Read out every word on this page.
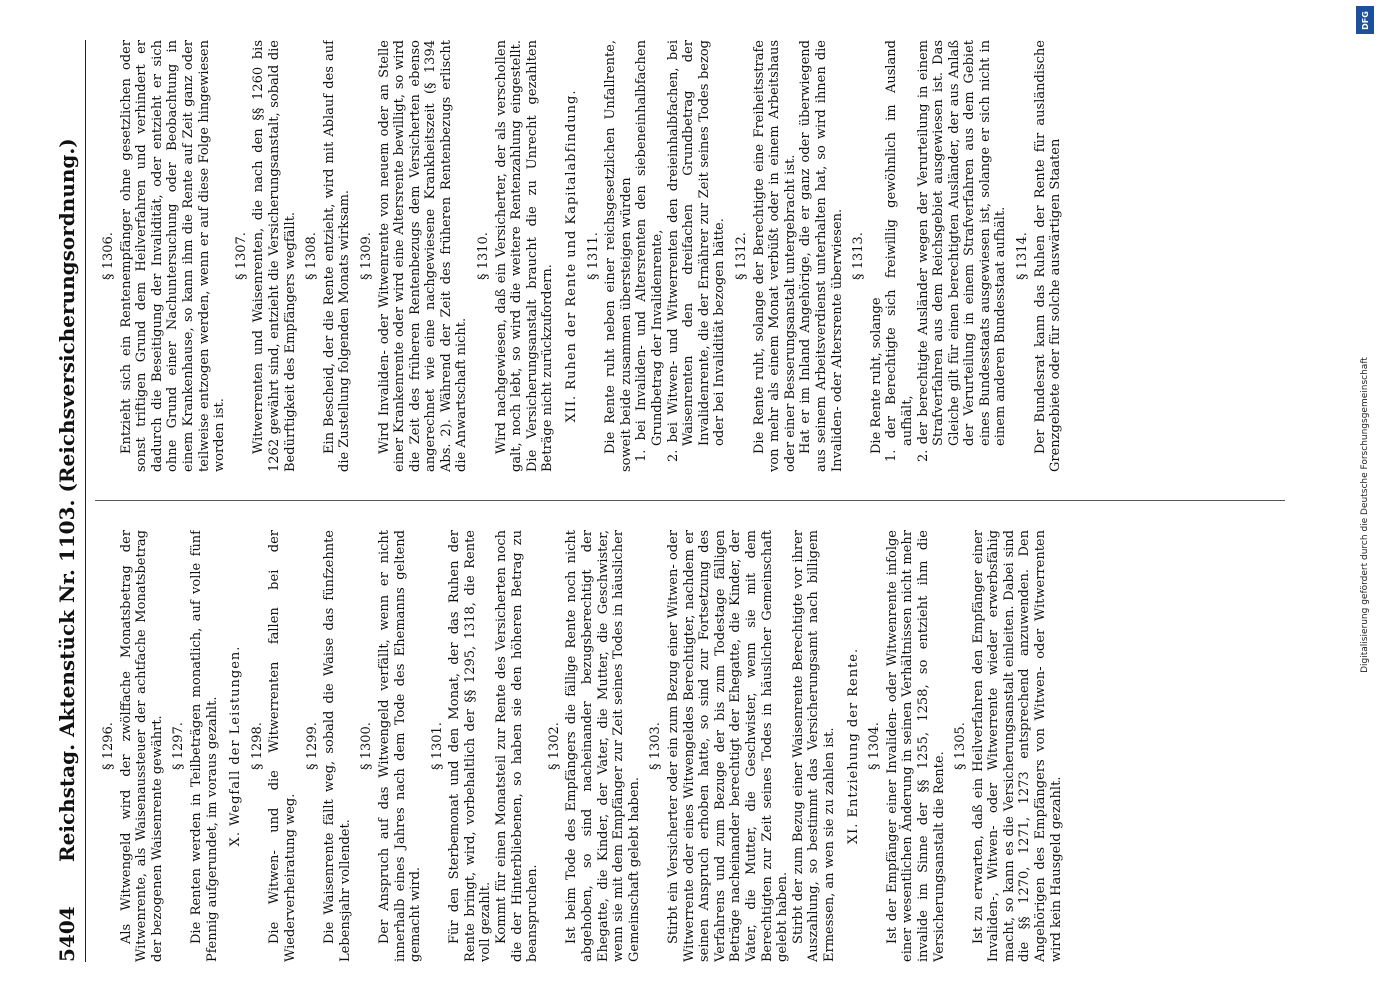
5404
Reichstag. Aktenstück Nr. 1103. (Reichsversicherungsordnung.) § 1296. Als Witwengeld wird der zwölffache Monatsbetrag der Witwenrente, als Waisenaussteuer der achtfache Monatsbetrag der bezogenen Waisenrente gewährt. § 1297. Die Renten werden in Teilbeträgen monatlich, auf volle fünf Pfennig aufgerundet, im voraus gezahlt. X. Wegfall der Leistungen. § 1298. Die Witwen- und die Witwerrenten fallen bei der Wiederverheiratung weg.

§ 1299. Die Waisenrente fällt weg, sobald die Waise das fünfzehnte Lebensjahr vollendet.

§ 1300. Der Anspruch auf das Witwengeld verfällt, wenn er nicht innerhalb eines Jahres nach dem Tode des Ehemanns geltend gemacht wird.

§ 1301. Für den Sterbemonat und den Monat, der das Ruhen der Rente bringt, wird, vorbehaltlich der §§ 1295, 1318, die Rente voll gezahlt. Kommt für einen Monatsteil zur Rente des Versicherten noch die der Hinterbliebenen, so haben sie den höheren Betrag zu beanspruchen.

§ 1302. Ist beim Tode des Empfängers die fällige Rente noch nicht abgehoben, so sind nacheinander bezugsberechtigt der Ehegatte, die Kinder, der Vater, die Mutter, die Geschwister, wenn sie mit dem Empfänger zur Zeit seines Todes in häuslicher Gemeinschaft gelebt haben.

§ 1303. Stirbt ein Versicherter oder ein zum Bezug einer Witwen- oder Witwerrente oder eines Witwengeldes Berechtigter, nachdem er seinen Anspruch erhoben hatte, so sind zur Fortsetzung des Verfahrens und zum Bezuge der bis zum Todestage fälligen Beträge nacheinander berechtigt der Ehegatte, die Kinder, der Vater, die Mutter, die Geschwister, wenn sie mit dem Berechtigten zur Zeit seines Todes in häuslicher Gemeinschaft gelebt haben. Stirbt der zum Bezug einer Waisenrente Berechtigte vor ihrer Auszahlung, so bestimmt das Versicherungsamt nach billigem Ermessen, an wen sie zu zahlen ist. XI. Entziehung der Rente. § 1304. Ist der Empfänger einer Invaliden- oder Witwenrente infolge einer wesentlichen Änderung in seinen Verhältnissen nicht mehr invalide im Sinne der §§ 1255, 1258, so entzieht ihm die Versicherungsanstalt die Rente.

§ 1305. Ist zu erwarten, daß ein Heilverfahren den Empfänger einer Invaliden-, Witwen- oder Witwerrente wieder erwerbsfähig macht, so kann es die Versicherungsanstalt einleiten. Dabei sind die §§ 1270, 1271, 1273 entsprechend anzuwenden. Den Angehörigen des Empfängers von Witwen- oder Witwerrenten wird kein Hausgeld gezahlt.

§ 1306. Entzieht sich ein Rentenempfänger ohne gesetzlichen oder sonst triftigen Grund dem Heilverfahren und verhindert er dadurch die Beseitigung der Invalidität, oder entzieht er sich ohne Grund einer Nachuntersuchung oder Beobachtung in einem Krankenhause, so kann ihm die Rente auf Zeit ganz oder teilweise entzogen werden, wenn er auf diese Folge hingewiesen worden ist.

§ 1307. Witwerrenten und Waisenrenten, die nach den §§ 1260 bis 1262 gewährt sind, entzieht die Versicherungsanstalt, sobald die Bedürftigkeit des Empfängers wegfällt. § 1308. Ein Bescheid, der die Rente entzieht, wird mit Ablauf des auf die Zustellung folgenden Monats wirksam. § 1309. Wird Invaliden- oder Witwenrente von neuem oder an Stelle einer Krankenrente oder wird eine Altersrente bewilligt, so wird die Zeit des früheren Rentenbezugs dem Versicherten ebenso angerechnet wie eine nachgewiesene Krankheitszeit (§ 1394 Abs. 2). Während der Zeit des früheren Rentenbezugs erlischt die Anwartschaft nicht.

§ 1310. Wird nachgewiesen, daß ein Versicherter, der als verschollen galt, noch lebt, so wird die weitere Rentenzahlung eingestellt. Die Versicherungsanstalt braucht die zu Unrecht gezahlten Beträge nicht zurückzufordern. XII. Ruhen der Rente und Kapitalabfindung. § 1311. Die Rente ruht neben einer reichsgesetzlichen Unfallrente, soweit beide zusammen übersteigen würden 1. bei Invaliden- und Altersrenten den siebeneinhalbfachen Grundbetrag der Invalidenrente, 2. bei Witwen- und Witwerrenten den dreieinhalbfachen, bei Waisenrenten den dreifachen Grundbetrag der Invalidenrente, die der Ernährer zur Zeit seines Todes bezog oder bei Invalidität bezogen hätte. § 1312. Die Rente ruht, solange der Berechtigte eine Freiheitsstrafe von mehr als einem Monat verbüßt oder in einem Arbeitshaus oder einer Besserungsanstalt untergebracht ist. Hat er im Inland Angehörige, die er ganz oder überwiegend aus seinem Arbeitsverdienst unterhalten hat, so wird ihnen die Invaliden- oder Altersrente überwiesen. § 1313.

Die Rente ruht, solange 1. der Berechtigte sich freiwillig gewöhnlich im Ausland aufhält, 2. der berechtigte Ausländer wegen der Verurteilung in einem Strafverfahren aus dem Reichsgebiet ausgewiesen ist. Das Gleiche gilt für einen berechtigten Ausländer, der aus Anlaß der Verurteilung in einem Strafverfahren aus dem Gebiet eines Bundesstaats ausgewiesen ist, solange er sich nicht in einem anderen Bundesstaat aufhält. § 1314. Der Bundesrat kann das Ruhen der Rente für ausländische Grenzgebiete oder für solche auswärtigen Staaten

DFG
Digitalisierung gefördert durch die Deutsche Forschungsgemeinschaft
